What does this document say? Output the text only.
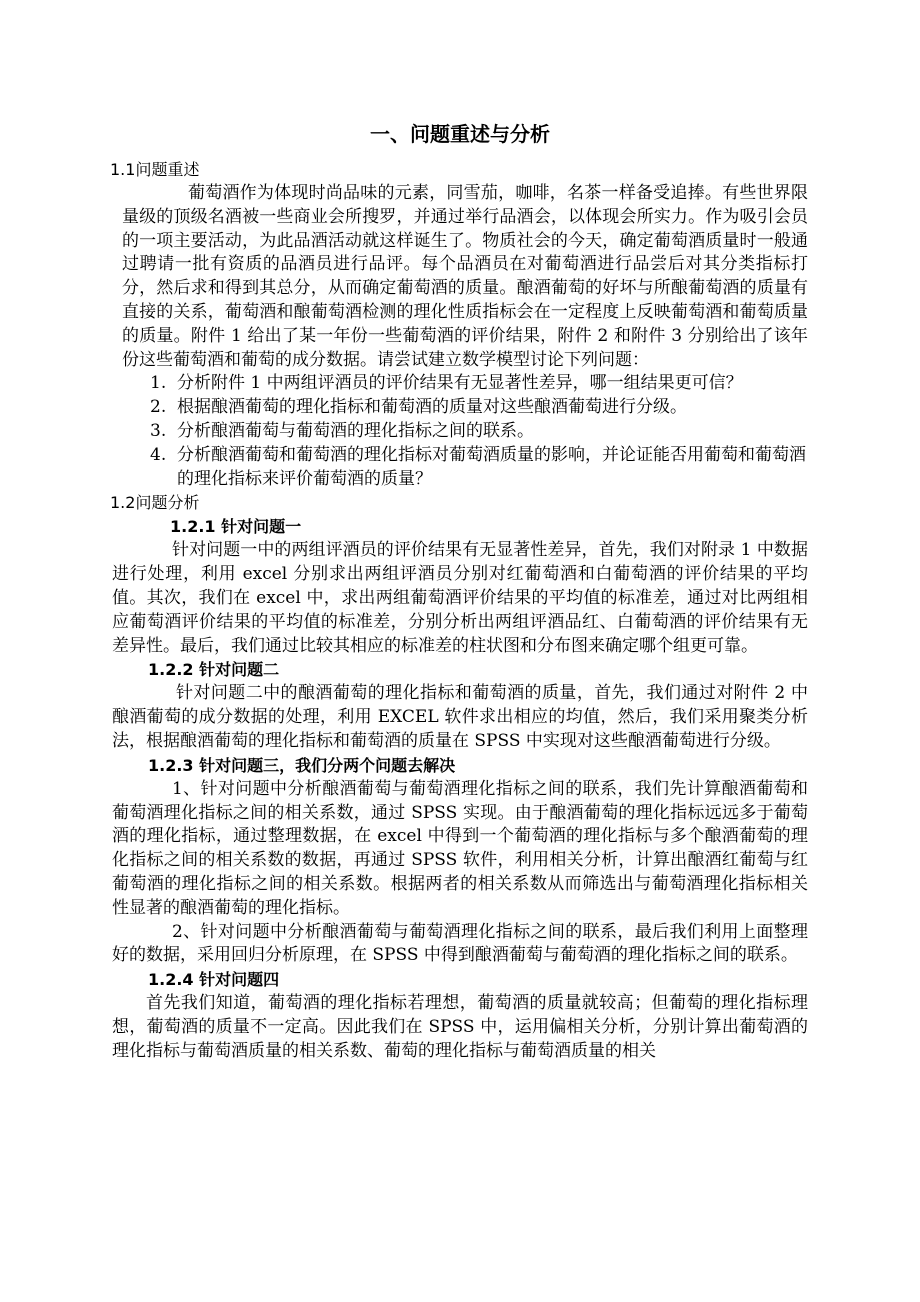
一、问题重述与分析
1.1问题重述

葡萄酒作为体现时尚品味的元素，同雪茄，咖啡，名茶一样备受追捧。有些世界限量级的顶级名酒被一些商业会所搜罗，并通过举行品酒会，以体现会所实力。作为吸引会员的一项主要活动，为此品酒活动就这样诞生了。物质社会的今天，确定葡萄酒质量时一般通过聘请一批有资质的品酒员进行品评。每个品酒员在对葡萄酒进行品尝后对其分类指标打分，然后求和得到其总分，从而确定葡萄酒的质量。酿酒葡萄的好坏与所酿葡萄酒的质量有直接的关系，葡萄酒和酿葡萄酒检测的理化性质指标会在一定程度上反映葡萄酒和葡萄质量的质量。附件 1 给出了某一年份一些葡萄酒的评价结果，附件 2 和附件 3 分别给出了该年份这些葡萄酒和葡萄的成分数据。请尝试建立数学模型讨论下列问题：

1. 分析附件 1 中两组评酒员的评价结果有无显著性差异，哪一组结果更可信？
2. 根据酿酒葡萄的理化指标和葡萄酒的质量对这些酿酒葡萄进行分级。
3. 分析酿酒葡萄与葡萄酒的理化指标之间的联系。
4. 分析酿酒葡萄和葡萄酒的理化指标对葡萄酒质量的影响，并论证能否用葡萄和葡萄酒的理化指标来评价葡萄酒的质量？
1.2问题分析
1.2.1 针对问题一

针对问题一中的两组评酒员的评价结果有无显著性差异，首先，我们对附录 1 中数据进行处理，利用 excel 分别求出两组评酒员分别对红葡萄酒和白葡萄酒的评价结果的平均值。其次，我们在 excel 中，求出两组葡萄酒评价结果的平均值的标准差，通过对比两组相应葡萄酒评价结果的平均值的标准差，分别分析出两组评酒品红、白葡萄酒的评价结果有无差异性。最后，我们通过比较其相应的标准差的柱状图和分布图来确定哪个组更可靠。

1.2.2 针对问题二

针对问题二中的酿酒葡萄的理化指标和葡萄酒的质量，首先，我们通过对附件 2 中酿酒葡萄的成分数据的处理，利用 EXCEL 软件求出相应的均值，然后，我们采用聚类分析法，根据酿酒葡萄的理化指标和葡萄酒的质量在 SPSS 中实现对这些酿酒葡萄进行分级。

1.2.3 针对问题三，我们分两个问题去解决

1、针对问题中分析酿酒葡萄与葡萄酒理化指标之间的联系，我们先计算酿酒葡萄和葡萄酒理化指标之间的相关系数，通过 SPSS 实现。由于酿酒葡萄的理化指标远远多于葡萄酒的理化指标，通过整理数据，在 excel 中得到一个葡萄酒的理化指标与多个酿酒葡萄的理化指标之间的相关系数的数据，再通过 SPSS 软件，利用相关分析，计算出酿酒红葡萄与红葡萄酒的理化指标之间的相关系数。根据两者的相关系数从而筛选出与葡萄酒理化指标相关性显著的酿酒葡萄的理化指标。

2、针对问题中分析酿酒葡萄与葡萄酒理化指标之间的联系，最后我们利用上面整理好的数据，采用回归分析原理，在 SPSS 中得到酿酒葡萄与葡萄酒的理化指标之间的联系。

1.2.4 针对问题四

首先我们知道，葡萄酒的理化指标若理想，葡萄酒的质量就较高；但葡萄的理化指标理想，葡萄酒的质量不一定高。因此我们在 SPSS 中，运用偏相关分析，分别计算出葡萄酒的理化指标与葡萄酒质量的相关系数、葡萄的理化指标与葡萄酒质量的相关
